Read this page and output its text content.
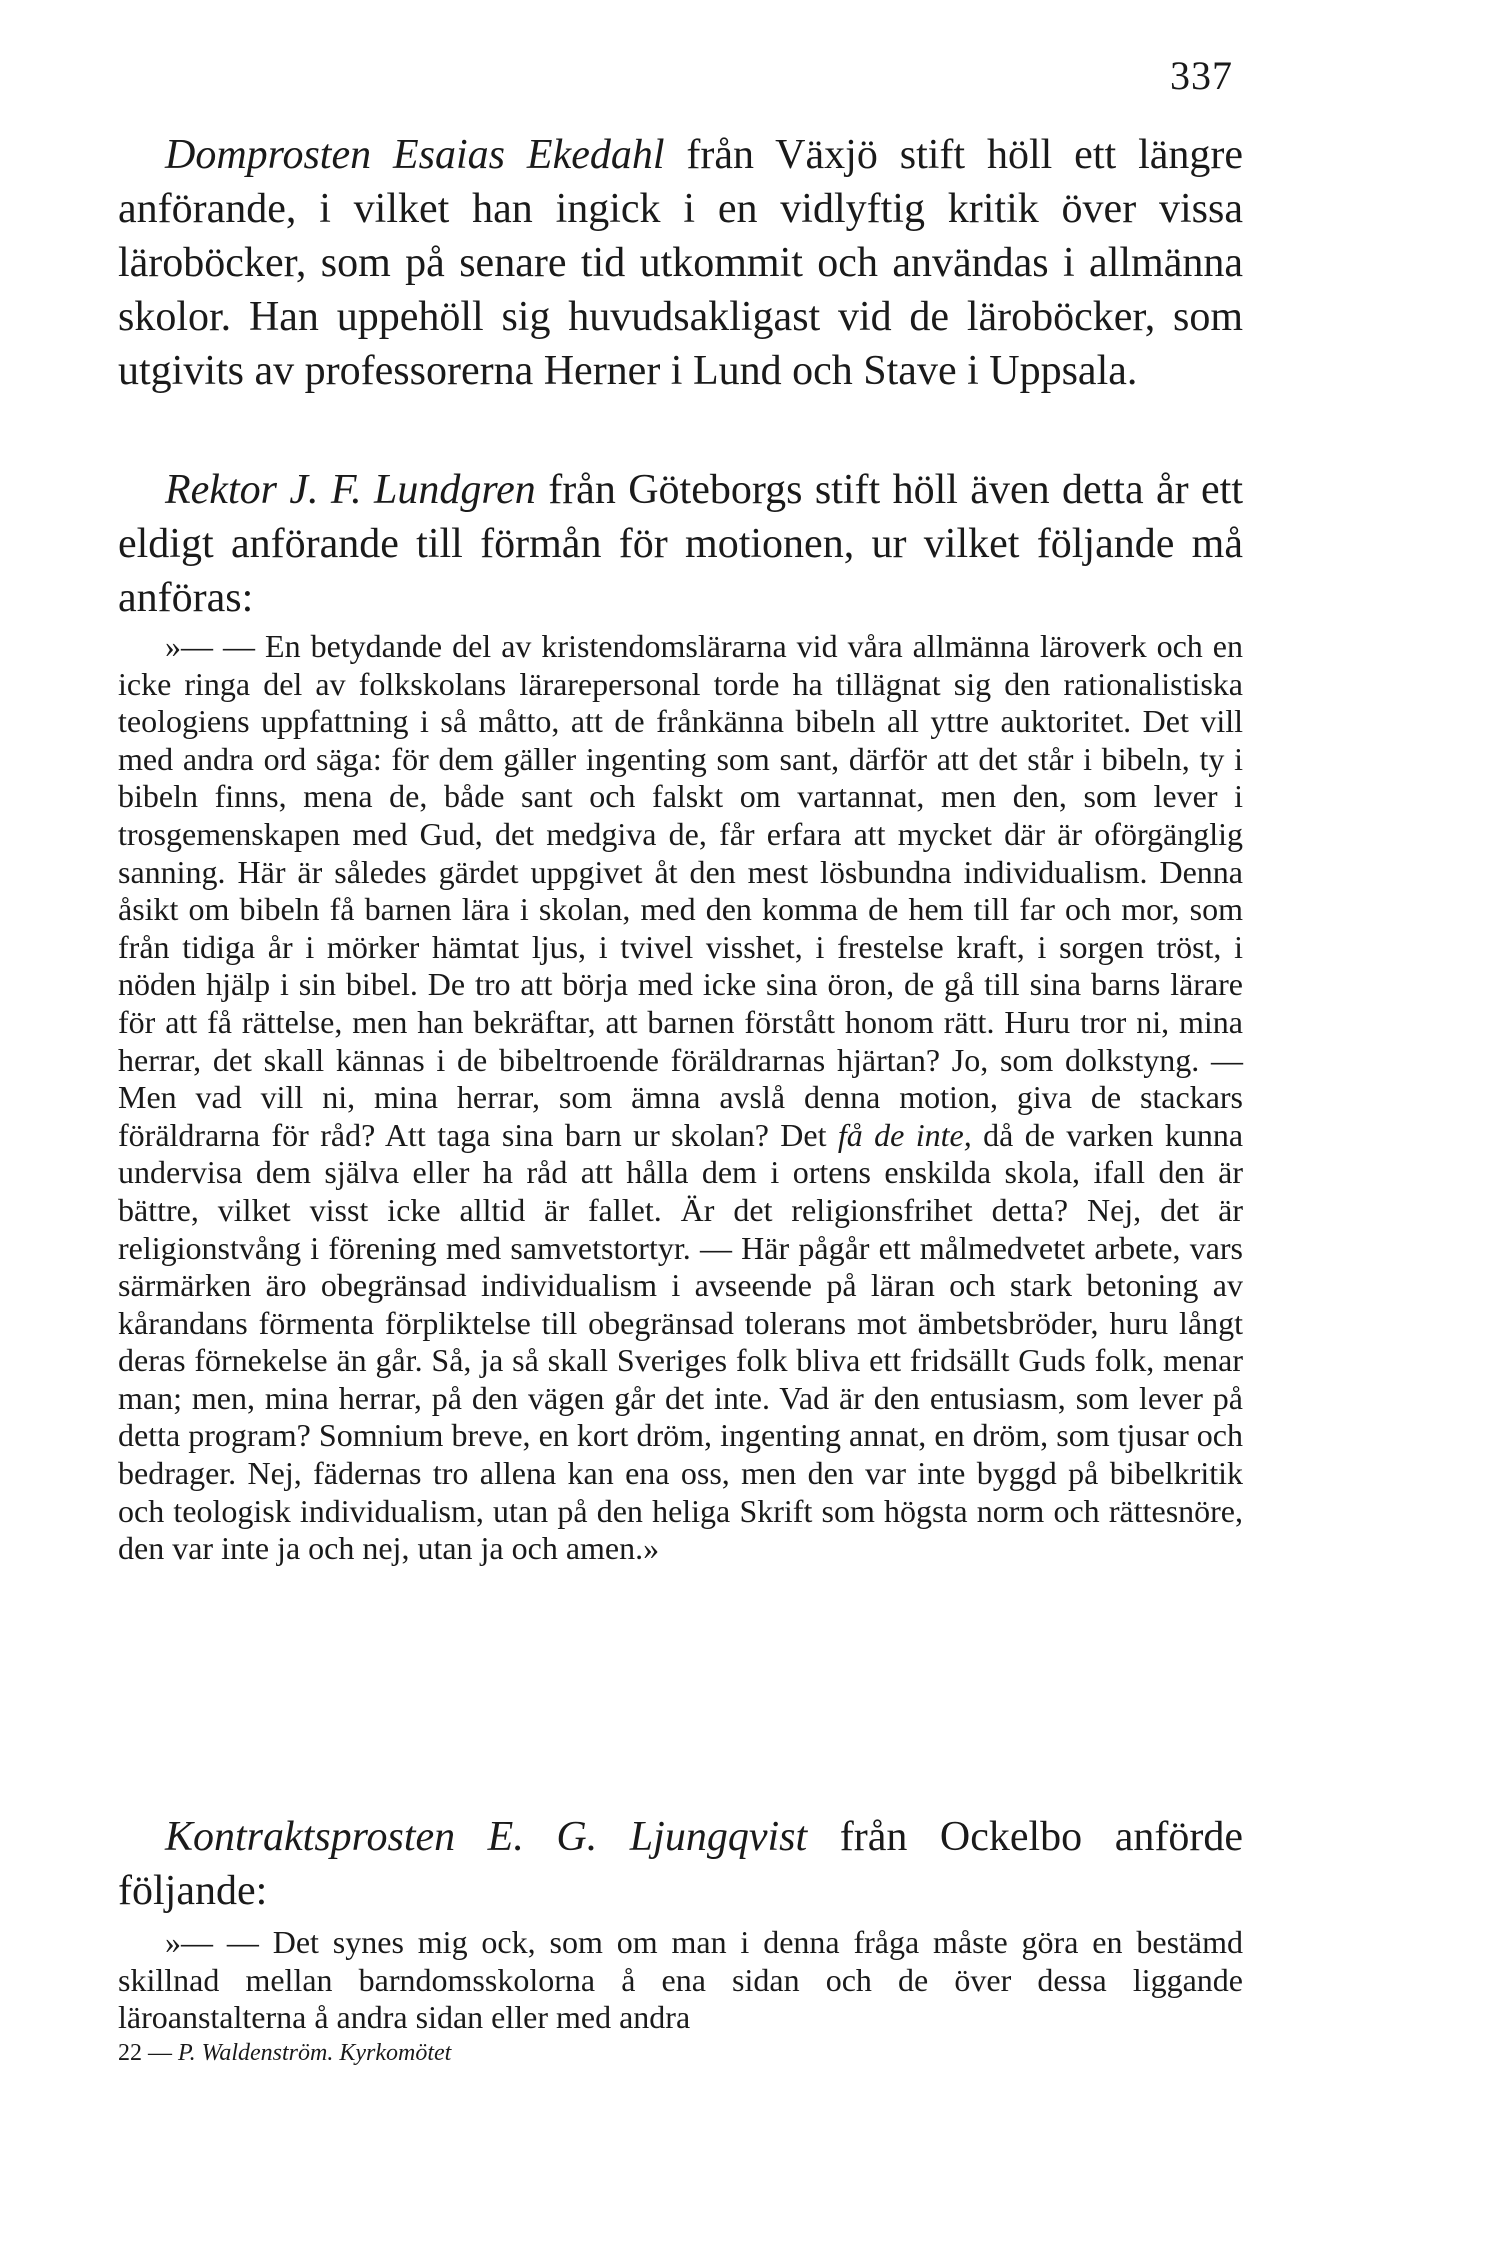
337

Domprosten Esaias Ekedahl från Växjö stift höll ett längre anförande, i vilket han ingick i en vidlyftig kritik över vissa läroböcker, som på senare tid utkommit och användas i allmänna skolor. Han uppehöll sig huvudsakligast vid de läroböcker, som utgivits av professorerna Herner i Lund och Stave i Uppsala.

Rektor J. F. Lundgren från Göteborgs stift höll även detta år ett eldigt anförande till förmån för motionen, ur vilket följande må anföras:

»— — En betydande del av kristendomslärarna vid våra allmänna läroverk och en icke ringa del av folkskolans lärarepersonal torde ha tillägnat sig den rationalistiska teologiens uppfattning i så måtto, att de frånkänna bibeln all yttre auktoritet. Det vill med andra ord säga: för dem gäller ingenting som sant, därför att det står i bibeln, ty i bibeln finns, mena de, både sant och falskt om vartannat, men den, som lever i trosgemenskapen med Gud, det medgiva de, får erfara att mycket där är oförgänglig sanning. Här är således gärdet uppgivet åt den mest lösbundna individualism. Denna åsikt om bibeln få barnen lära i skolan, med den komma de hem till far och mor, som från tidiga år i mörker hämtat ljus, i tvivel visshet, i frestelse kraft, i sorgen tröst, i nöden hjälp i sin bibel. De tro att börja med icke sina öron, de gå till sina barns lärare för att få rättelse, men han bekräftar, att barnen förstått honom rätt. Huru tror ni, mina herrar, det skall kännas i de bibeltroende föräldrarnas hjärtan? Jo, som dolkstyng. — Men vad vill ni, mina herrar, som ämna avslå denna motion, giva de stackars föräldrarna för råd? Att taga sina barn ur skolan? Det få de inte, då de varken kunna undervisa dem själva eller ha råd att hålla dem i ortens enskilda skola, ifall den är bättre, vilket visst icke alltid är fallet. Är det religionsfrihet detta? Nej, det är religionstvång i förening med samvetstortyr. — Här pågår ett målmedvetet arbete, vars särmärken äro obegränsad individualism i avseende på läran och stark betoning av kårandans förmenta förpliktelse till obegränsad tolerans mot ämbetsbröder, huru långt deras förnekelse än går. Så, ja så skall Sveriges folk bliva ett fridsällt Guds folk, menar man; men, mina herrar, på den vägen går det inte. Vad är den entusiasm, som lever på detta program? Somnium breve, en kort dröm, ingenting annat, en dröm, som tjusar och bedrager. Nej, fädernas tro allena kan ena oss, men den var inte byggd på bibelkritik och teologisk individualism, utan på den heliga Skrift som högsta norm och rättesnöre, den var inte ja och nej, utan ja och amen.»

Kontraktsprosten E. G. Ljungqvist från Ockelbo anförde följande:

»— — Det synes mig ock, som om man i denna fråga måste göra en bestämd skillnad mellan barndomsskolorna å ena sidan och de över dessa liggande läroanstalterna å andra sidan eller med andra

22 — P. Waldenström. Kyrkomötet
